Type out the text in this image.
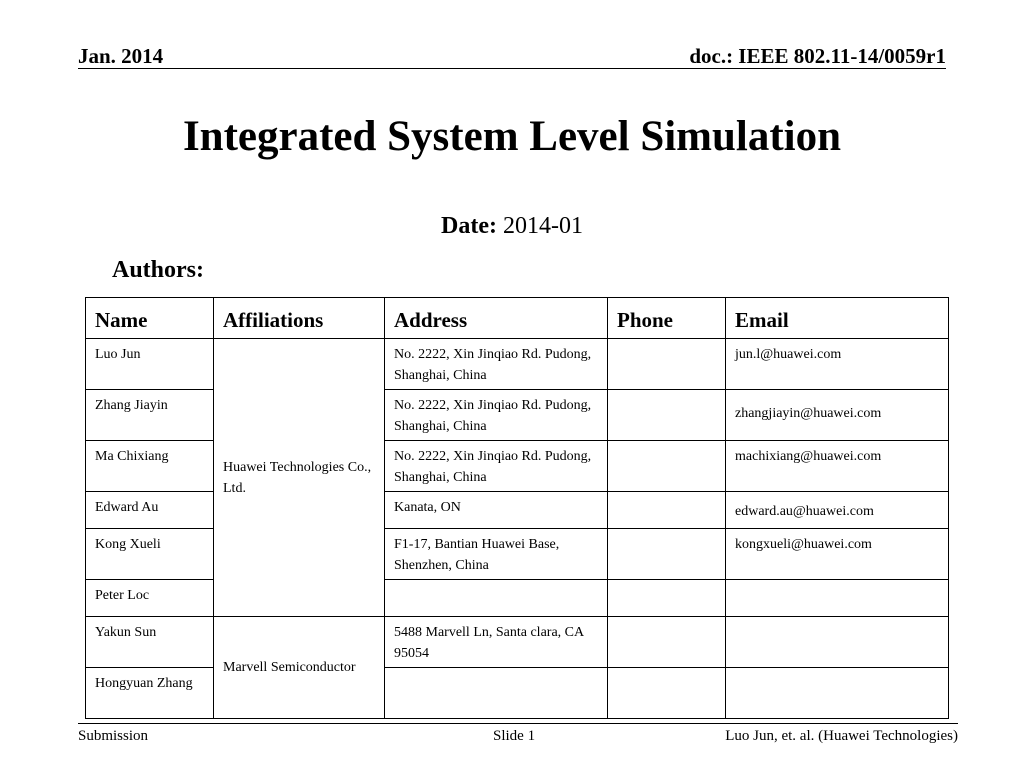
Jan. 2014	doc.: IEEE 802.11-14/0059r1
Integrated System Level Simulation
Date: 2014-01
Authors:
Name	Affiliations	Address	Phone	Email
Luo Jun	Huawei Technologies Co., Ltd.	No. 2222, Xin Jinqiao Rd. Pudong, Shanghai, China		jun.l@huawei.com
Zhang Jiayin		No. 2222, Xin Jinqiao Rd. Pudong, Shanghai, China		zhangjiayin@huawei.com
Ma Chixiang		No. 2222, Xin Jinqiao Rd. Pudong, Shanghai, China		machixiang@huawei.com
Edward Au		Kanata, ON		edward.au@huawei.com
Kong Xueli		F1-17, Bantian Huawei Base, Shenzhen, China		kongxueli@huawei.com
Peter Loc				
Yakun Sun	Marvell Semiconductor	5488 Marvell Ln, Santa clara, CA 95054		
Hongyuan Zhang				
Submission	Slide 1	Luo Jun, et. al. (Huawei Technologies)
